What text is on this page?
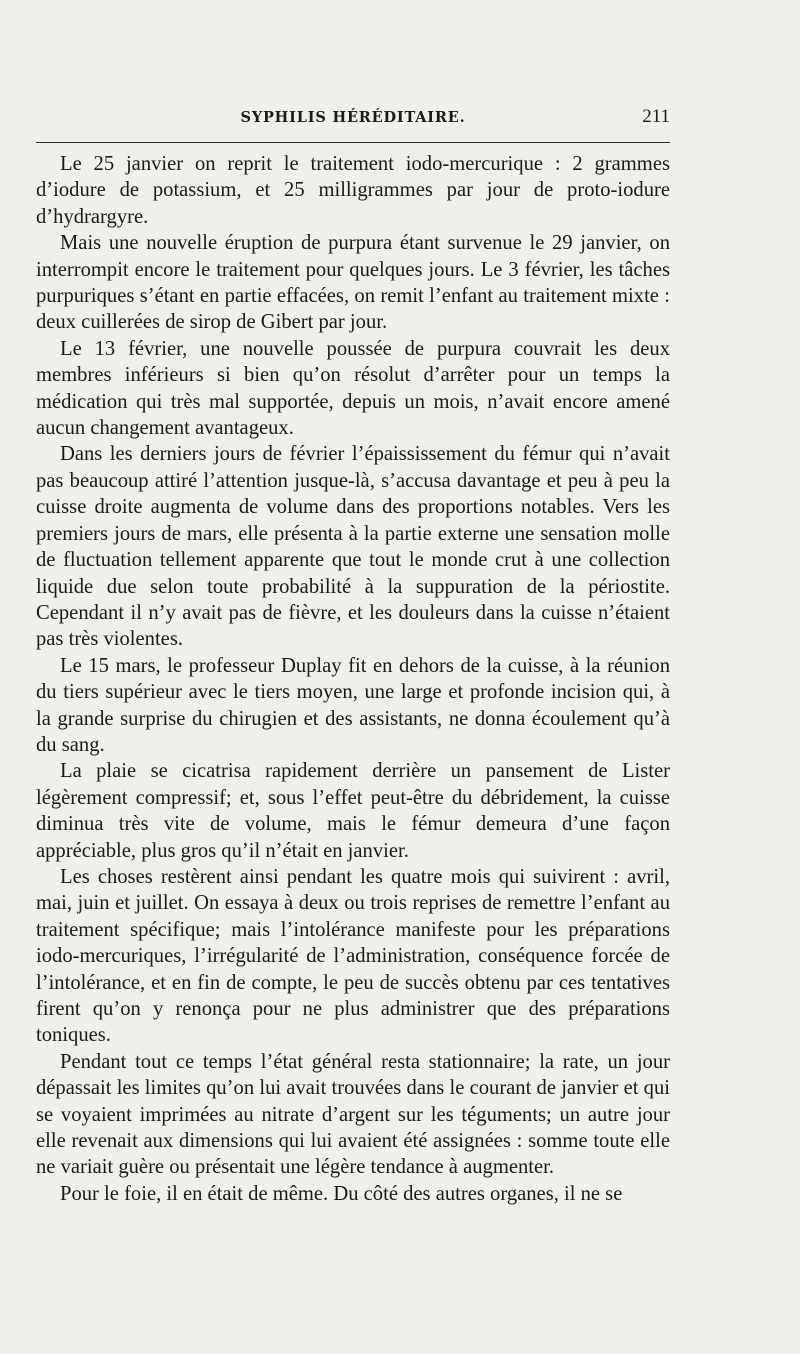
SYPHILIS HÉRÉDITAIRE.	211

Le 25 janvier on reprit le traitement iodo-mercurique : 2 grammes d’iodure de potassium, et 25 milligrammes par jour de proto-iodure d’hydrargyre.

Mais une nouvelle éruption de purpura étant survenue le 29 janvier, on interrompit encore le traitement pour quelques jours. Le 3 février, les tâches purpuriques s’étant en partie effacées, on remit l’enfant au traitement mixte : deux cuillerées de sirop de Gibert par jour.

Le 13 février, une nouvelle poussée de purpura couvrait les deux membres inférieurs si bien qu’on résolut d’arrêter pour un temps la médication qui très mal supportée, depuis un mois, n’avait encore amené aucun changement avantageux.

Dans les derniers jours de février l’épaississement du fémur qui n’avait pas beaucoup attiré l’attention jusque-là, s’accusa davantage et peu à peu la cuisse droite augmenta de volume dans des proportions notables. Vers les premiers jours de mars, elle présenta à la partie externe une sensation molle de fluctuation tellement apparente que tout le monde crut à une collection liquide due selon toute probabilité à la suppuration de la périostite. Cependant il n’y avait pas de fièvre, et les douleurs dans la cuisse n’étaient pas très violentes.

Le 15 mars, le professeur Duplay fit en dehors de la cuisse, à la réunion du tiers supérieur avec le tiers moyen, une large et profonde incision qui, à la grande surprise du chirugien et des assistants, ne donna écoulement qu’à du sang.

La plaie se cicatrisa rapidement derrière un pansement de Lister légèrement compressif; et, sous l’effet peut-être du débridement, la cuisse diminua très vite de volume, mais le fémur demeura d’une façon appréciable, plus gros qu’il n’était en janvier.

Les choses restèrent ainsi pendant les quatre mois qui suivirent : avril, mai, juin et juillet. On essaya à deux ou trois reprises de remettre l’enfant au traitement spécifique; mais l’intolérance manifeste pour les préparations iodo-mercuriques, l’irrégularité de l’administration, conséquence forcée de l’intolérance, et en fin de compte, le peu de succès obtenu par ces tentatives firent qu’on y renonça pour ne plus administrer que des préparations toniques.

Pendant tout ce temps l’état général resta stationnaire; la rate, un jour dépassait les limites qu’on lui avait trouvées dans le courant de janvier et qui se voyaient imprimées au nitrate d’argent sur les téguments; un autre jour elle revenait aux dimensions qui lui avaient été assignées : somme toute elle ne variait guère ou présentait une légère tendance à augmenter.

Pour le foie, il en était de même. Du côté des autres organes, il ne se
